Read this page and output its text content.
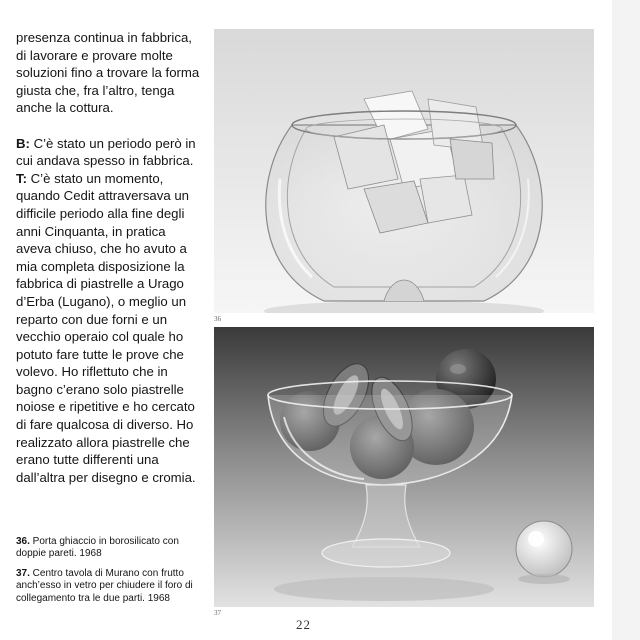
presenza continua in fabbrica, di lavorare e provare molte soluzioni fino a trovare la forma giusta che, fra l’altro, tenga anche la cottura.

B: C’è stato un periodo però in cui andava spesso in fabbrica.

T: C’è stato un momento, quando Cedit attraversava un difficile periodo alla fine degli anni Cinquanta, in pratica aveva chiuso, che ho avuto a mia completa disposizione la fabbrica di piastrelle a Urago d’Erba (Lugano), o meglio un reparto con due forni e un vecchio operaio col quale ho potuto fare tutte le prove che volevo. Ho riflettuto che in bagno c’erano solo piastrelle noiose e ripetitive e ho cercato di fare qualcosa di diverso. Ho realizzato allora piastrelle che erano tutte differenti una dall’altra per disegno e cromia.

36. Porta ghiaccio in borosilicato con doppie pareti. 1968

37. Centro tavola di Murano con frutto anch’esso in vetro per chiudere il foro di collegamento tra le due parti. 1968

36
37
22
